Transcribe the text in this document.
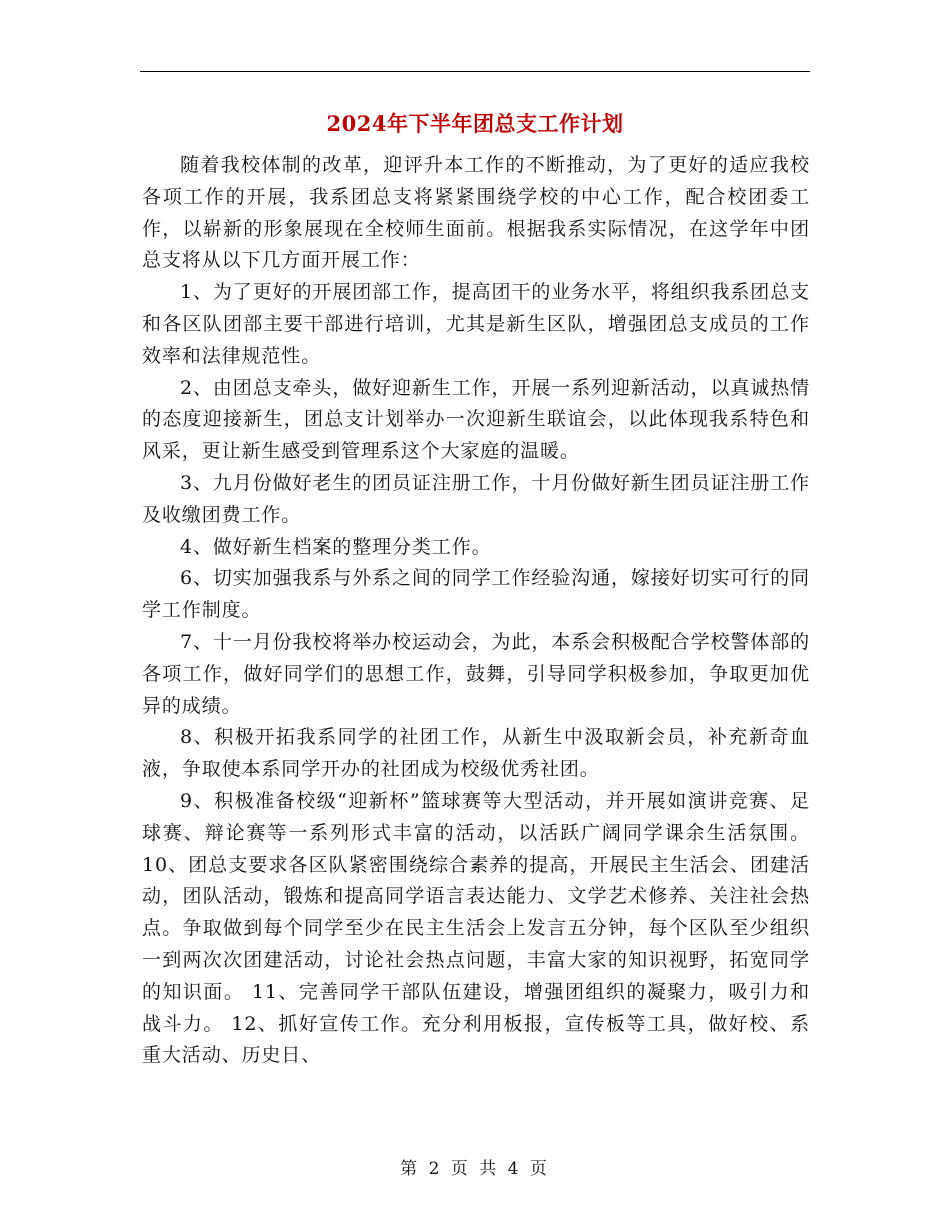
2024年下半年团总支工作计划

随着我校体制的改革，迎评升本工作的不断推动，为了更好的适应我校各项工作的开展，我系团总支将紧紧围绕学校的中心工作，配合校团委工作，以崭新的形象展现在全校师生面前。根据我系实际情况，在这学年中团总支将从以下几方面开展工作：

1、为了更好的开展团部工作，提高团干的业务水平，将组织我系团总支和各区队团部主要干部进行培训，尤其是新生区队，增强团总支成员的工作效率和法律规范性。

2、由团总支牵头，做好迎新生工作，开展一系列迎新活动，以真诚热情的态度迎接新生，团总支计划举办一次迎新生联谊会，以此体现我系特色和风采，更让新生感受到管理系这个大家庭的温暖。

3、九月份做好老生的团员证注册工作，十月份做好新生团员证注册工作及收缴团费工作。

4、做好新生档案的整理分类工作。

6、切实加强我系与外系之间的同学工作经验沟通，嫁接好切实可行的同学工作制度。

7、十一月份我校将举办校运动会，为此，本系会积极配合学校警体部的各项工作，做好同学们的思想工作，鼓舞，引导同学积极参加，争取更加优异的成绩。

8、积极开拓我系同学的社团工作，从新生中汲取新会员，补充新奇血液，争取使本系同学开办的社团成为校级优秀社团。

9、积极准备校级“迎新杯”篮球赛等大型活动，并开展如演讲竞赛、足球赛、辩论赛等一系列形式丰富的活动，以活跃广阔同学课余生活氛围。 10、团总支要求各区队紧密围绕综合素养的提高，开展民主生活会、团建活动，团队活动，锻炼和提高同学语言表达能力、文学艺术修养、关注社会热点。争取做到每个同学至少在民主生活会上发言五分钟，每个区队至少组织一到两次次团建活动，讨论社会热点问题，丰富大家的知识视野，拓宽同学的知识面。 11、完善同学干部队伍建设，增强团组织的凝聚力，吸引力和战斗力。 12、抓好宣传工作。充分利用板报，宣传板等工具，做好校、系重大活动、历史日、

第 2 页 共 4 页
